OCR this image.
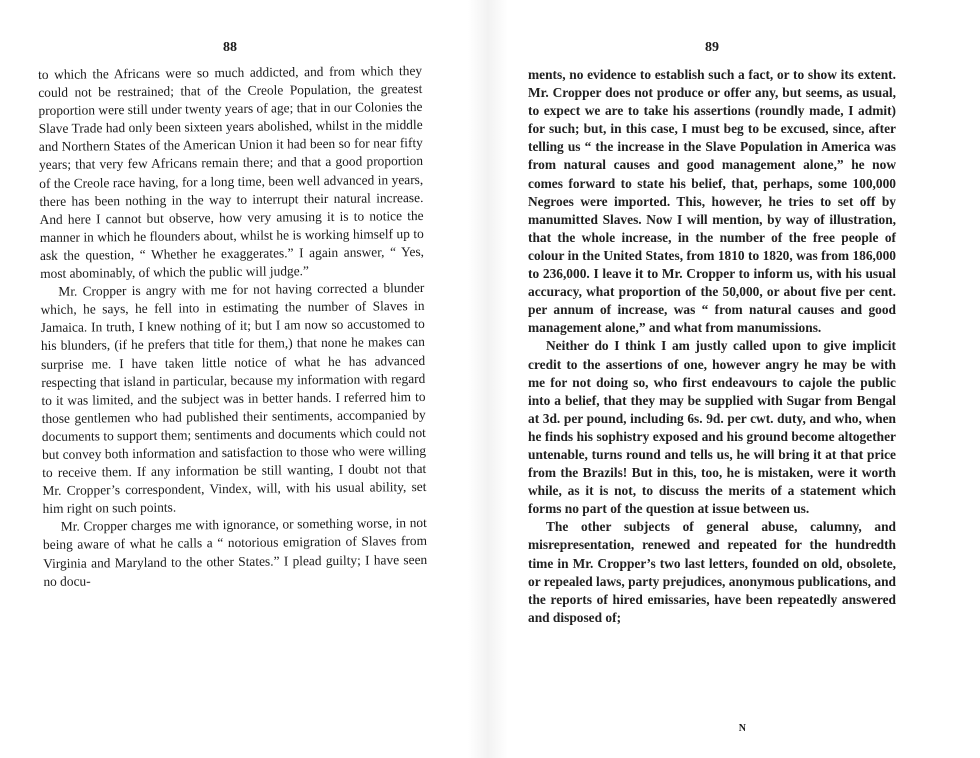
88

to which the Africans were so much addicted, and from which they could not be restrained; that of the Creole Population, the greatest proportion were still under twenty years of age; that in our Colonies the Slave Trade had only been sixteen years abolished, whilst in the middle and Northern States of the American Union it had been so for near fifty years; that very few Africans remain there; and that a good proportion of the Creole race having, for a long time, been well advanced in years, there has been nothing in the way to interrupt their natural increase. And here I cannot but observe, how very amusing it is to notice the manner in which he flounders about, whilst he is working himself up to ask the question, “ Whether he exaggerates.” I again answer, “ Yes, most abominably, of which the public will judge.”

Mr. Cropper is angry with me for not having corrected a blunder which, he says, he fell into in estimating the number of Slaves in Jamaica. In truth, I knew nothing of it; but I am now so accustomed to his blunders, (if he prefers that title for them,) that none he makes can surprise me. I have taken little notice of what he has advanced respecting that island in particular, because my information with regard to it was limited, and the subject was in better hands. I referred him to those gentlemen who had published their sentiments, accompanied by documents to support them; sentiments and documents which could not but convey both information and satisfaction to those who were willing to receive them. If any information be still wanting, I doubt not that Mr. Cropper’s correspondent, Vindex, will, with his usual ability, set him right on such points.

Mr. Cropper charges me with ignorance, or something worse, in not being aware of what he calls a “ notorious emigration of Slaves from Virginia and Maryland to the other States.” I plead guilty; I have seen no docu-

89

ments, no evidence to establish such a fact, or to show its extent. Mr. Cropper does not produce or offer any, but seems, as usual, to expect we are to take his assertions (roundly made, I admit) for such; but, in this case, I must beg to be excused, since, after telling us “ the increase in the Slave Population in America was from natural causes and good management alone,” he now comes forward to state his belief, that, perhaps, some 100,000 Negroes were imported. This, however, he tries to set off by manumitted Slaves. Now I will mention, by way of illustration, that the whole increase, in the number of the free people of colour in the United States, from 1810 to 1820, was from 186,000 to 236,000. I leave it to Mr. Cropper to inform us, with his usual accuracy, what proportion of the 50,000, or about five per cent. per annum of increase, was “ from natural causes and good management alone,” and what from manumissions.

Neither do I think I am justly called upon to give implicit credit to the assertions of one, however angry he may be with me for not doing so, who first endeavours to cajole the public into a belief, that they may be supplied with Sugar from Bengal at 3d. per pound, including 6s. 9d. per cwt. duty, and who, when he finds his sophistry exposed and his ground become altogether untenable, turns round and tells us, he will bring it at that price from the Brazils! But in this, too, he is mistaken, were it worth while, as it is not, to discuss the merits of a statement which forms no part of the question at issue between us.

The other subjects of general abuse, calumny, and misrepresentation, renewed and repeated for the hundredth time in Mr. Cropper’s two last letters, founded on old, obsolete, or repealed laws, party prejudices, anonymous publications, and the reports of hired emissaries, have been repeatedly answered and disposed of;

N
